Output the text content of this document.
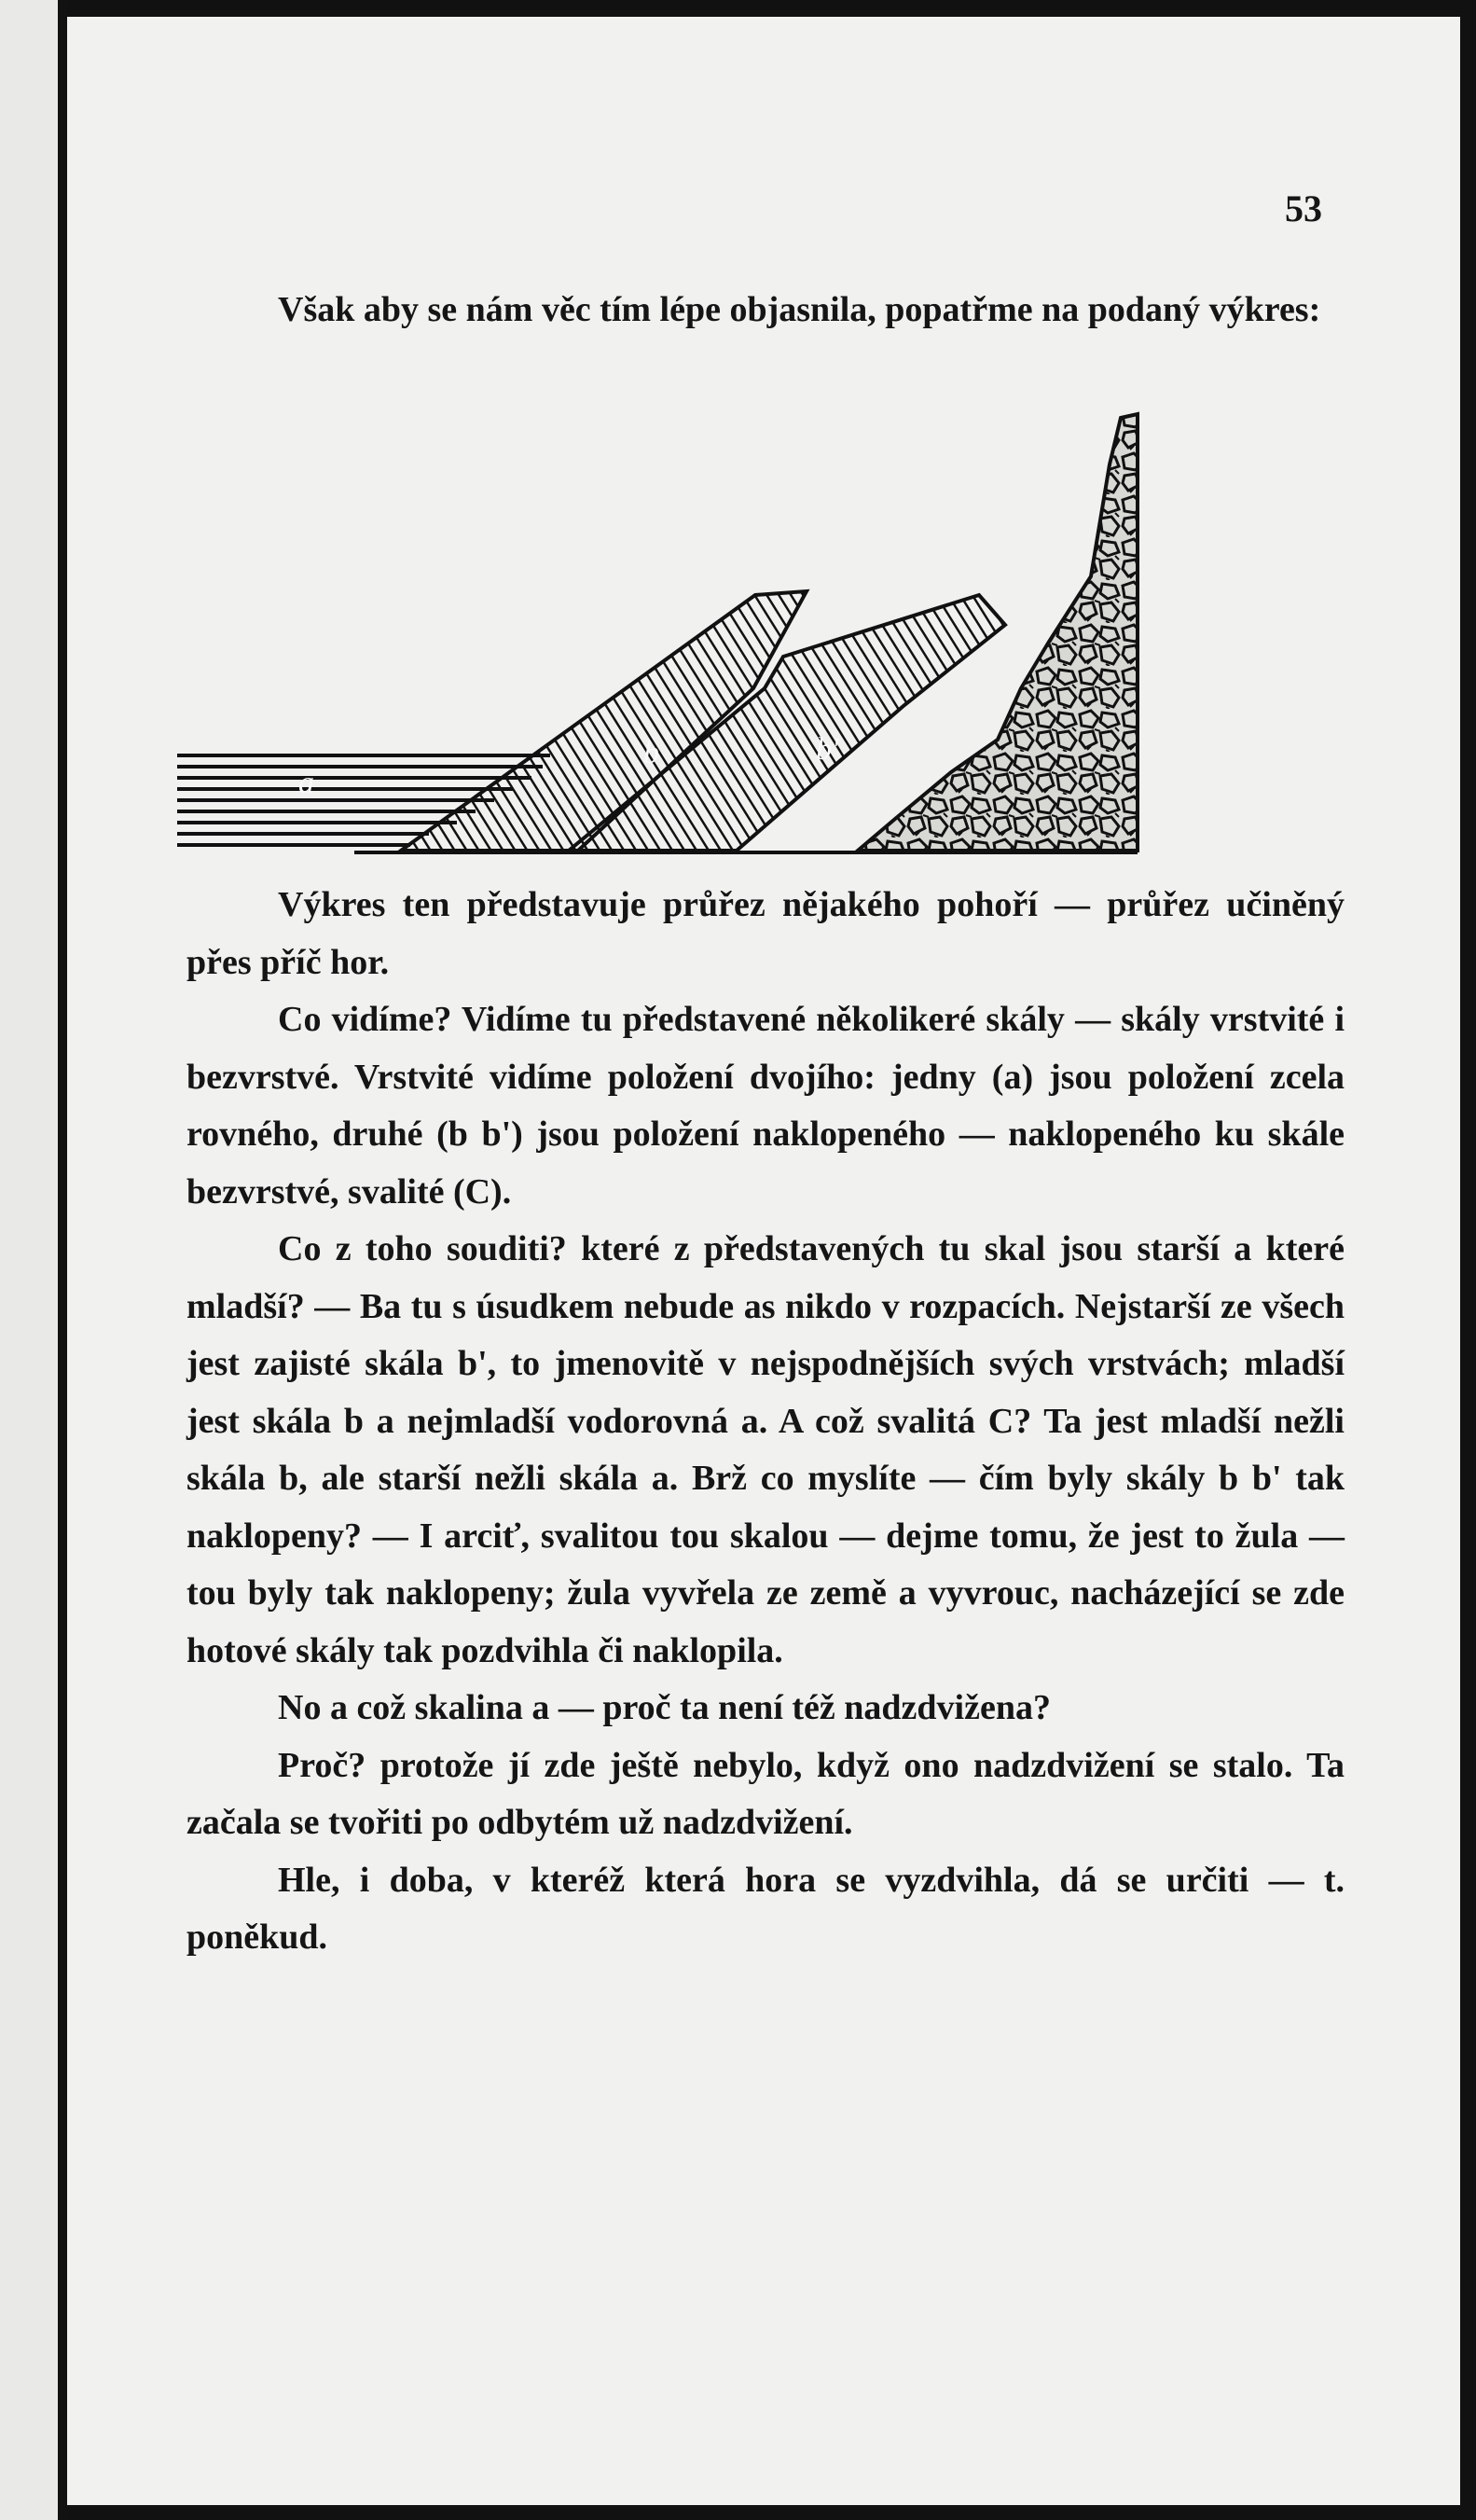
53

Však aby se nám věc tím lépe objasnila, popatřme na podaný výkres:

a
b	b'

Výkres ten představuje průřez nějakého pohoří — průřez učiněný přes příč hor.

Co vidíme? Vidíme tu představené několikeré skály — skály vrstvité i bezvrstvé. Vrstvité vidíme položení dvojího: jedny (a) jsou položení zcela rovného, druhé (b b') jsou položení naklopeného — naklopeného ku skále bezvrstvé, svalité (C).

Co z toho souditi? které z představených tu skal jsou starší a které mladší? — Ba tu s úsudkem nebude as nikdo v rozpacích. Nejstarší ze všech jest zajisté skála b', to jmenovitě v nejspodnějších svých vrstvách; mladší jest skála b a nejmladší vodorovná a. A což svalitá C? Ta jest mladší nežli skála b, ale starší nežli skála a. Brž co myslíte — čím byly skály b b' tak naklopeny? — I arciť, svalitou tou skalou — dejme tomu, že jest to žula — tou byly tak naklopeny; žula vyvřela ze země a vyvrouc, nacházející se zde hotové skály tak pozdvihla či naklopila.

No a což skalina a — proč ta není též nadzdvižena?

Proč? protože jí zde ještě nebylo, když ono nadzdvižení se stalo. Ta začala se tvořiti po odbytém už nadzdvižení.

Hle, i doba, v kteréž která hora se vyzdvihla, dá se určiti — t. poněkud.
